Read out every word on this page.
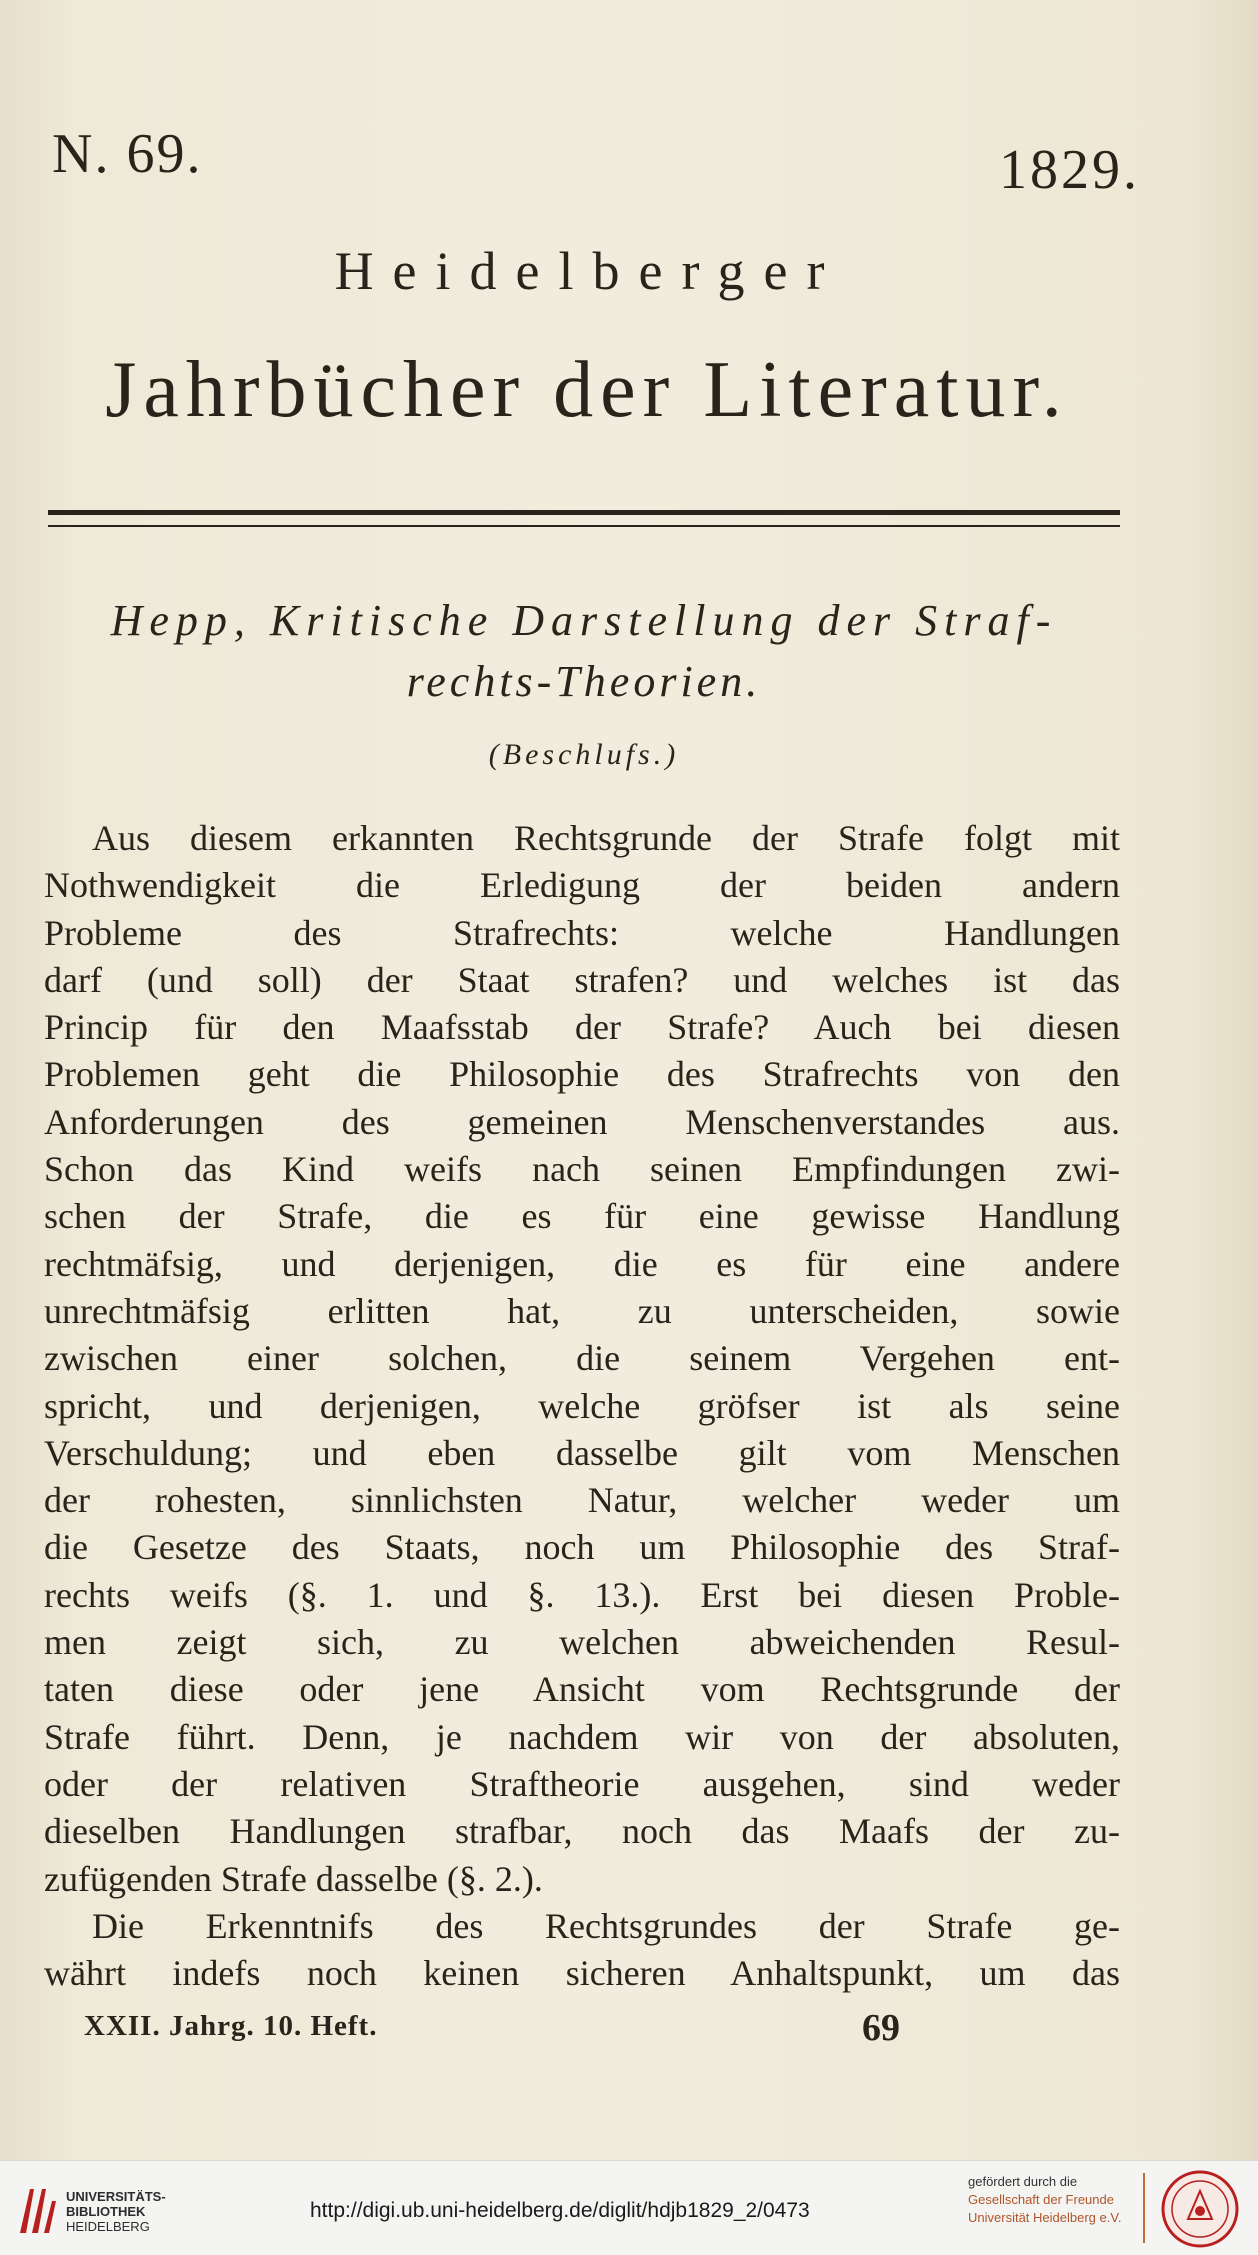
N. 69.	1829.
Heidelberger
Jahrbücher der Literatur.
Hepp, Kritische Darstellung der Straf-
rechts-Theorien.
(Beschlufs.)
Aus diesem erkannten Rechtsgrunde der Strafe folgt mit
Nothwendigkeit die Erledigung der beiden andern
Probleme des Strafrechts: welche Handlungen
darf (und soll) der Staat strafen? und welches ist das
Princip für den Maafsstab der Strafe? Auch bei diesen
Problemen geht die Philosophie des Strafrechts von den
Anforderungen des gemeinen Menschenverstandes aus.
Schon das Kind weifs nach seinen Empfindungen zwi-
schen der Strafe, die es für eine gewisse Handlung
rechtmäfsig, und derjenigen, die es für eine andere
unrechtmäfsig erlitten hat, zu unterscheiden, sowie
zwischen einer solchen, die seinem Vergehen ent-
spricht, und derjenigen, welche gröfser ist als seine
Verschuldung; und eben dasselbe gilt vom Menschen
der rohesten, sinnlichsten Natur, welcher weder um
die Gesetze des Staats, noch um Philosophie des Straf-
rechts weifs (§. 1. und §. 13.). Erst bei diesen Proble-
men zeigt sich, zu welchen abweichenden Resul-
taten diese oder jene Ansicht vom Rechtsgrunde der
Strafe führt. Denn, je nachdem wir von der absoluten,
oder der relativen Straftheorie ausgehen, sind weder
dieselben Handlungen strafbar, noch das Maafs der zu-
zufügenden Strafe dasselbe (§. 2.).
Die Erkenntnifs des Rechtsgrundes der Strafe ge-
währt indefs noch keinen sicheren Anhaltspunkt, um das
XXII. Jahrg. 10. Heft.	69
UNIVERSITÄTS-
BIBLIOTHEK
HEIDELBERG
http://digi.ub.uni-heidelberg.de/diglit/hdjb1829_2/0473
gefördert durch die
Gesellschaft der Freunde
Universität Heidelberg e.V.
